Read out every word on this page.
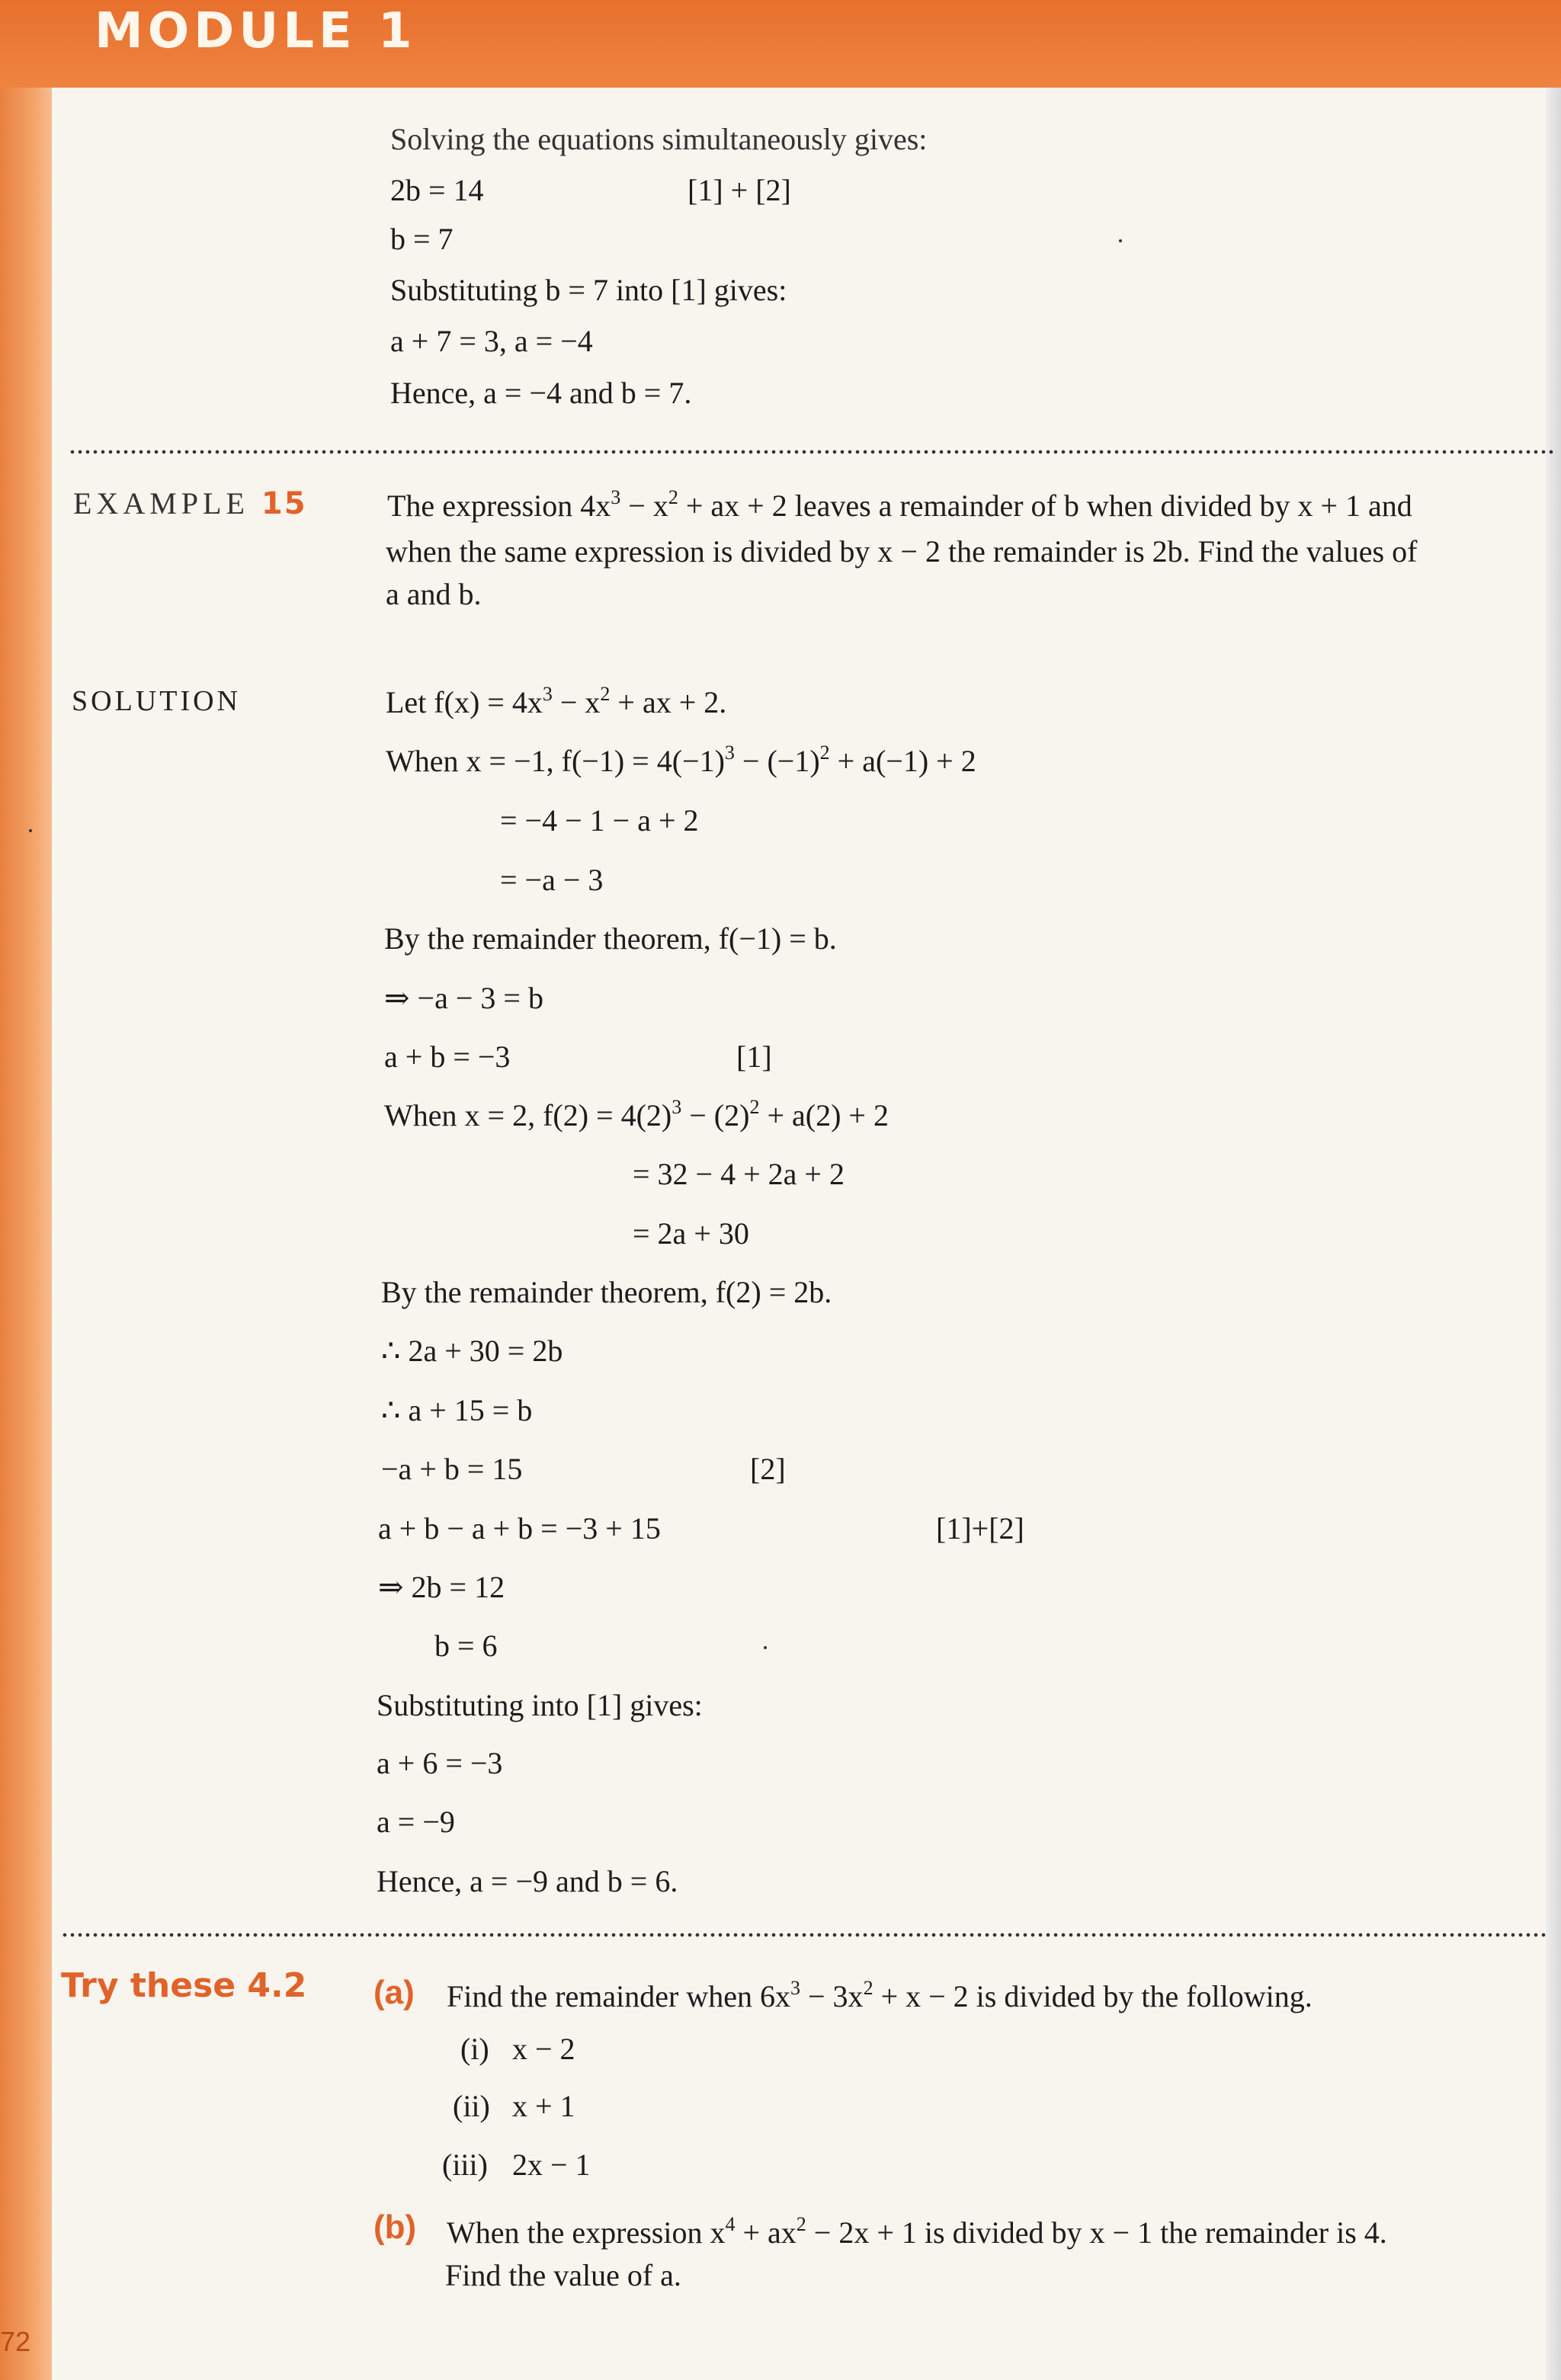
MODULE 1

Solving the equations simultaneously gives:

2b = 14	[1] + [2]

b = 7

Substituting b = 7 into [1] gives:

a + 7 = 3, a = −4

Hence, a = −4 and b = 7.

EXAMPLE 15	The expression $4x^3 - x^2$ + ax + 2 leaves a remainder of b when divided by x + 1 and

when the same expression is divided by x − 2 the remainder is 2b. Find the values of

a and b.

SOLUTION	Let $f(x) = 4x^3 - x^2$ + ax + 2.

When x = −1, $f(-1) = 4(-1)^3 - (-1)^2 + a(-1) + 2$

= −4 − 1 − a + 2

= −a − 3

By the remainder theorem, f(−1) = b.

⇒ −a − 3 = b

a + b = −3	[1]

When x = 2, $f(2) = 4(2)^3 - (2)^2 + a(2) + 2$

= 32 − 4 + 2a + 2

= 2a + 30

By the remainder theorem, f(2) = 2b.

∴ 2a + 30 = 2b

∴ a + 15 = b

−a + b = 15	[2]

a + b − a + b = −3 + 15	[1]+[2]

⇒ 2b = 12

b = 6

Substituting into [1] gives:

a + 6 = −3

a = −9

Hence, a = −9 and b = 6.

Try these 4.2 (a) Find the remainder when $6x^3 - 3x^2 + x - 2$ is divided by the following.

(i) x − 2
(ii) x + 1
(iii) 2x − 1
(b) When the expression $x^4 + ax^2 - 2x + 1$ is divided by x − 1 the remainder is 4.

Find the value of a.

72
